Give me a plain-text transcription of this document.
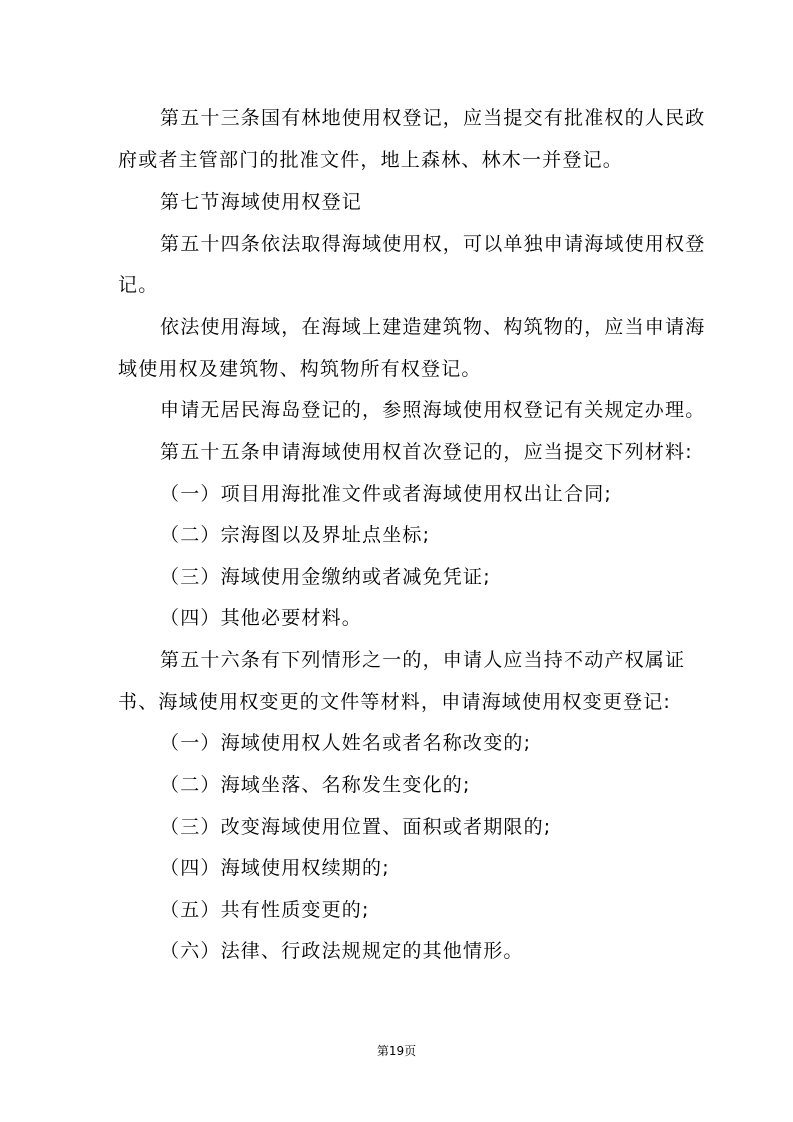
第五十三条国有林地使用权登记，应当提交有批准权的人民政
府或者主管部门的批准文件，地上森林、林木一并登记。
第七节海域使用权登记
第五十四条依法取得海域使用权，可以单独申请海域使用权登
记。
依法使用海域，在海域上建造建筑物、构筑物的，应当申请海
域使用权及建筑物、构筑物所有权登记。
申请无居民海岛登记的，参照海域使用权登记有关规定办理。
第五十五条申请海域使用权首次登记的，应当提交下列材料:
（一）项目用海批准文件或者海域使用权出让合同;
（二）宗海图以及界址点坐标;
（三）海域使用金缴纳或者减免凭证;
（四）其他必要材料。
第五十六条有下列情形之一的，申请人应当持不动产权属证
书、海域使用权变更的文件等材料，申请海域使用权变更登记:
（一）海域使用权人姓名或者名称改变的;
（二）海域坐落、名称发生变化的;
（三）改变海域使用位置、面积或者期限的;
（四）海域使用权续期的;
（五）共有性质变更的;
（六）法律、行政法规规定的其他情形。
第19页
